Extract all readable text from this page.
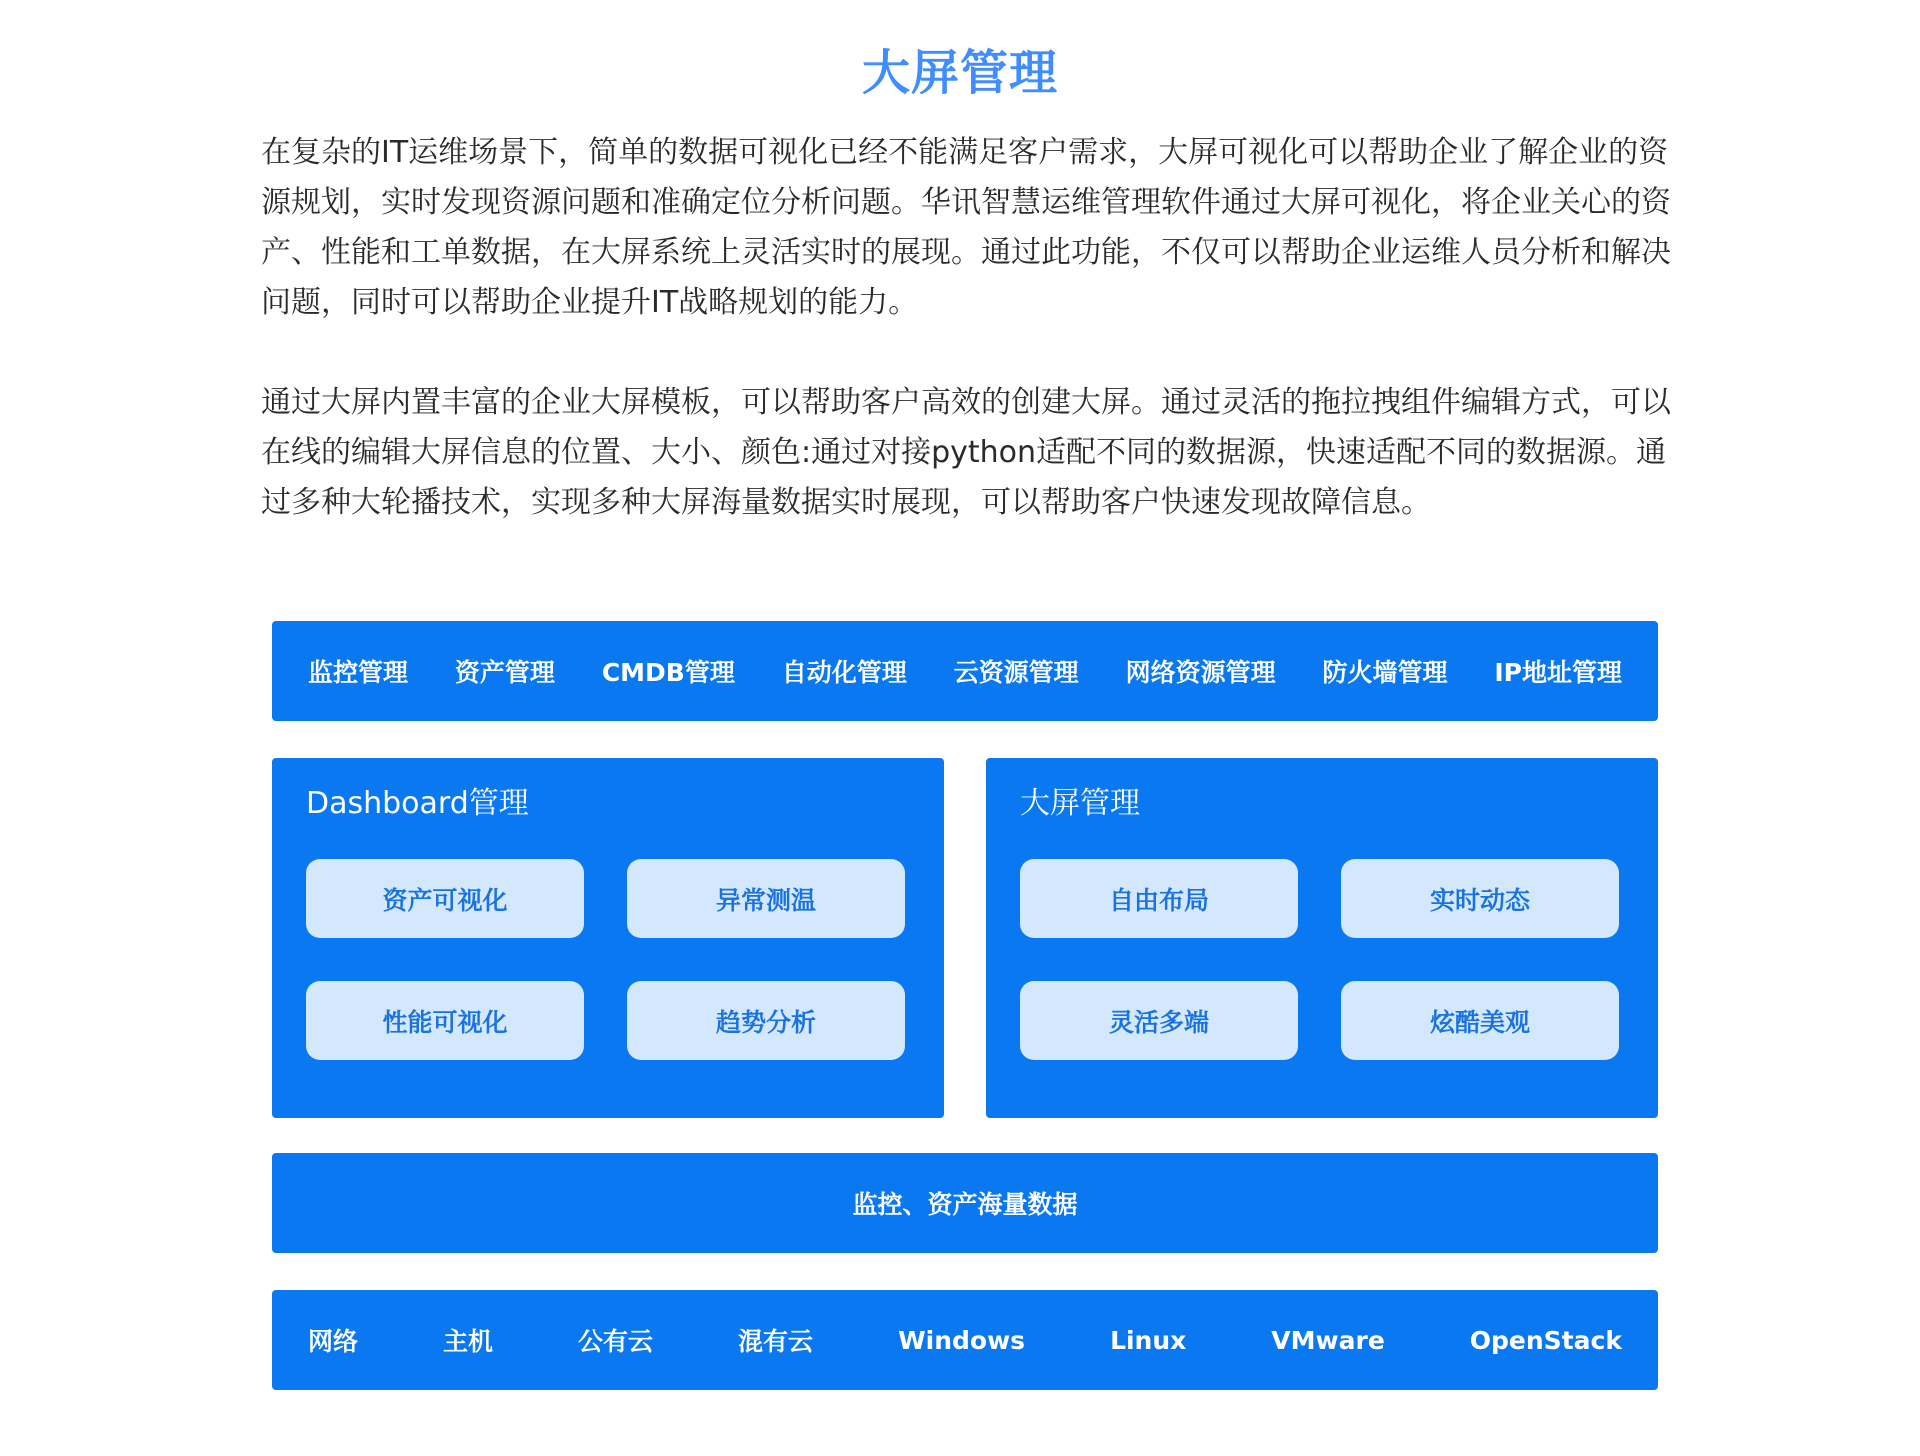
大屏管理

在复杂的IT运维场景下，简单的数据可视化已经不能满足客户需求，大屏可视化可以帮助企业了解企业的资源规划，实时发现资源问题和准确定位分析问题。华讯智慧运维管理软件通过大屏可视化，将企业关心的资产、性能和工单数据，在大屏系统上灵活实时的展现。通过此功能，不仅可以帮助企业运维人员分析和解决问题，同时可以帮助企业提升IT战略规划的能力。

通过大屏内置丰富的企业大屏模板，可以帮助客户高效的创建大屏。通过灵活的拖拉拽组件编辑方式，可以在线的编辑大屏信息的位置、大小、颜色:通过对接python适配不同的数据源，快速适配不同的数据源。通过多种大轮播技术，实现多种大屏海量数据实时展现，可以帮助客户快速发现故障信息。

监控管理 资产管理 CMDB管理 自动化管理 云资源管理 网络资源管理 防火墙管理 IP地址管理
Dashboard管理
资产可视化	异常测温
性能可视化	趋势分析
大屏管理
自由布局	实时动态
灵活多端	炫酷美观
监控、资产海量数据
网络	主机	公有云	混有云	Windows	Linux	VMware	OpenStack
